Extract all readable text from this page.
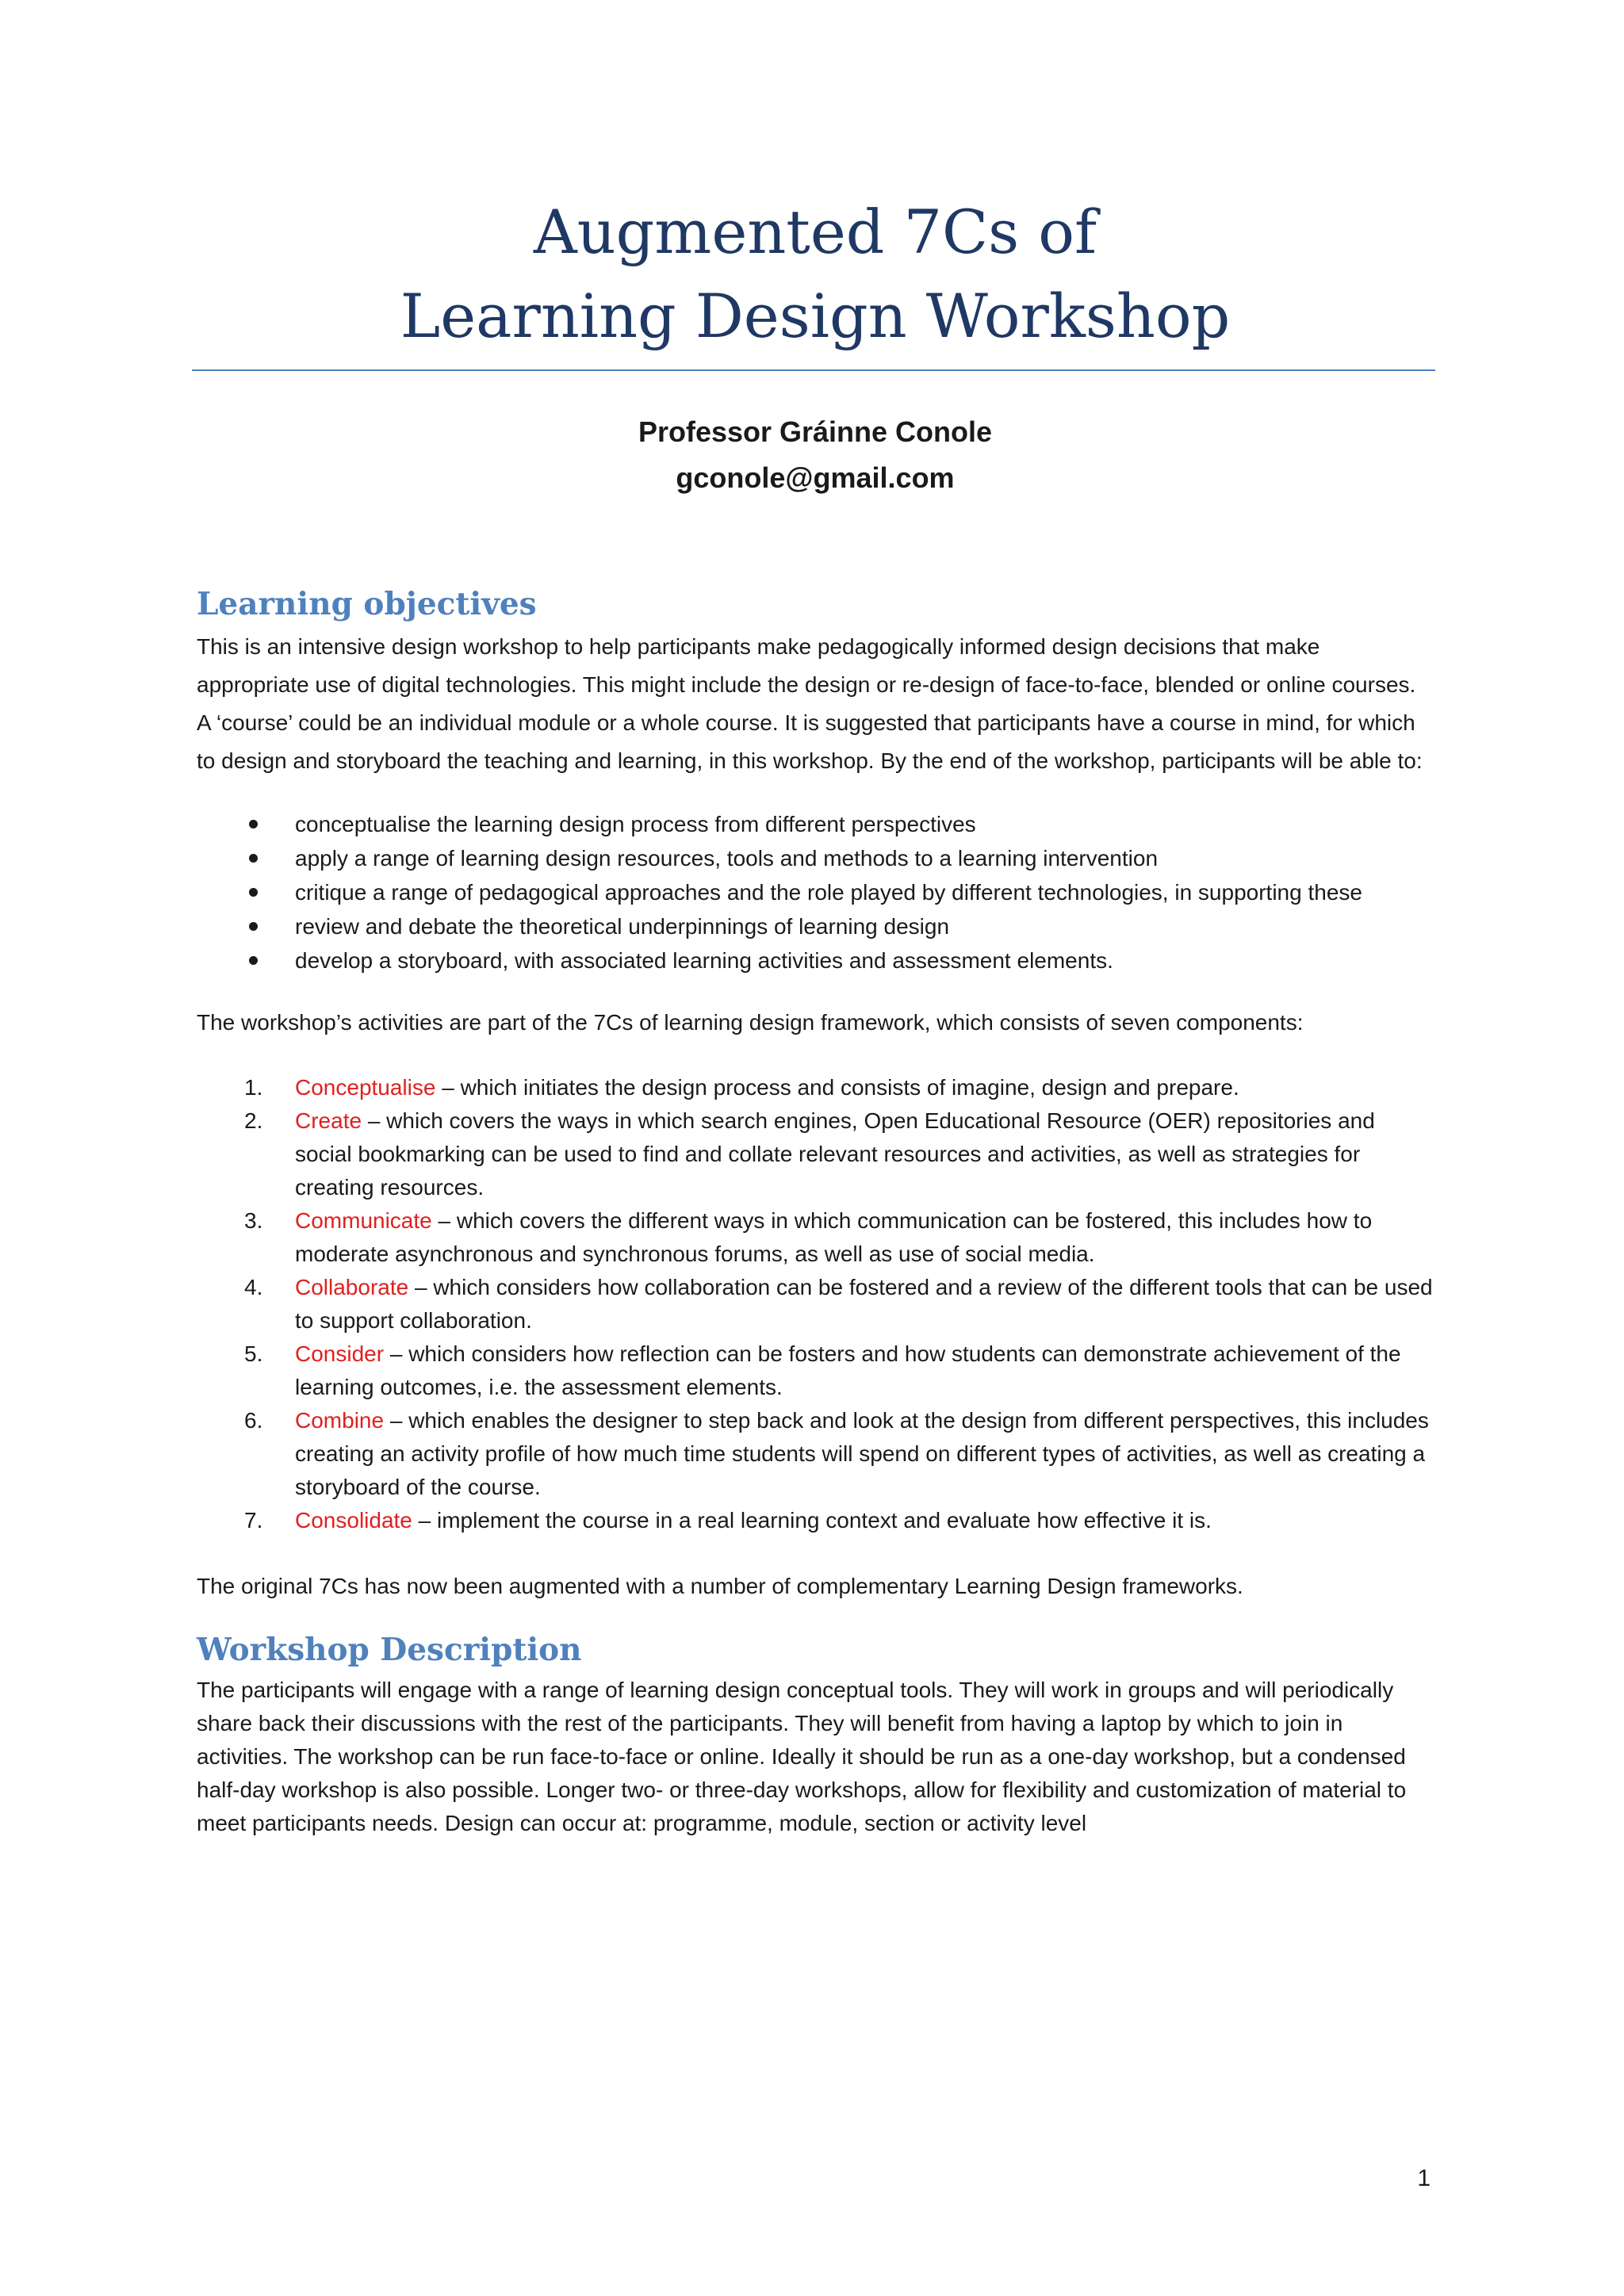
Augmented 7Cs of
Learning Design Workshop
Professor Gráinne Conole
gconole@gmail.com
Learning objectives

This is an intensive design workshop to help participants make pedagogically informed design decisions that make appropriate use of digital technologies. This might include the design or re-design of face-to-face, blended or online courses. A ‘course’ could be an individual module or a whole course. It is suggested that participants have a course in mind, for which to design and storyboard the teaching and learning, in this workshop. By the end of the workshop, participants will be able to:

conceptualise the learning design process from different perspectives
apply a range of learning design resources, tools and methods to a learning intervention
critique a range of pedagogical approaches and the role played by different technologies, in supporting these
review and debate the theoretical underpinnings of learning design
develop a storyboard, with associated learning activities and assessment elements.

The workshop’s activities are part of the 7Cs of learning design framework, which consists of seven components:

1. Conceptualise – which initiates the design process and consists of imagine, design and prepare.
2. Create – which covers the ways in which search engines, Open Educational Resource (OER) repositories and social bookmarking can be used to find and collate relevant resources and activities, as well as strategies for creating resources.
3. Communicate – which covers the different ways in which communication can be fostered, this includes how to moderate asynchronous and synchronous forums, as well as use of social media.
4. Collaborate – which considers how collaboration can be fostered and a review of the different tools that can be used to support collaboration.
5. Consider – which considers how reflection can be fosters and how students can demonstrate achievement of the learning outcomes, i.e. the assessment elements.
6. Combine – which enables the designer to step back and look at the design from different perspectives, this includes creating an activity profile of how much time students will spend on different types of activities, as well as creating a storyboard of the course.
7. Consolidate – implement the course in a real learning context and evaluate how effective it is.

The original 7Cs has now been augmented with a number of complementary Learning Design frameworks.

Workshop Description

The participants will engage with a range of learning design conceptual tools. They will work in groups and will periodically share back their discussions with the rest of the participants. They will benefit from having a laptop by which to join in activities. The workshop can be run face-to-face or online. Ideally it should be run as a one-day workshop, but a condensed half-day workshop is also possible. Longer two- or three-day workshops, allow for flexibility and customization of material to meet participants needs. Design can occur at: programme, module, section or activity level

1
